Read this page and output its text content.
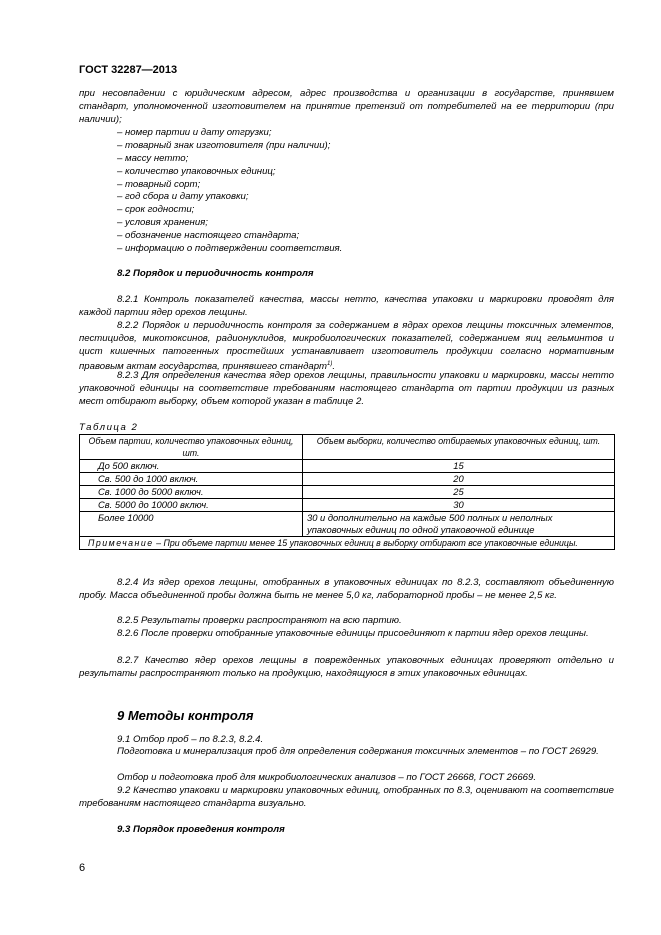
ГОСТ 32287—2013
при несовпадении с юридическим адресом, адрес производства и организации в государстве, принявшем стандарт, уполномоченной изготовителем на принятие претензий от потребителей на ее территории (при наличии);
– номер партии и дату отгрузки;
– товарный знак изготовителя (при наличии);
– массу нетто;
– количество упаковочных единиц;
– товарный сорт;
– год сбора и дату упаковки;
– срок годности;
– условия хранения;
– обозначение настоящего стандарта;
– информацию о подтверждении соответствия.
8.2 Порядок и периодичность контроля
8.2.1 Контроль показателей качества, массы нетто, качества упаковки и маркировки проводят для каждой партии ядер орехов лещины.
8.2.2 Порядок и периодичность контроля за содержанием в ядрах орехов лещины токсичных элементов, пестицидов, микотоксинов, радионуклидов, микробиологических показателей, содержанием яиц гельминтов и цист кишечных патогенных простейших устанавливает изготовитель продукции согласно нормативным правовым актам государства, принявшего стандарт$^{1)}$.
8.2.3 Для определения качества ядер орехов лещины, правильности упаковки и маркировки, массы нетто упаковочной единицы на соответствие требованиям настоящего стандарта от партии продукции из разных мест отбирают выборку, объем которой указан в таблице 2.
Таблица 2
Объем партии, количество упаковочных единиц, шт.	Объем выборки, количество отбираемых упаковочных единиц, шт.
До 500 включ.	15
Св. 500 до 1000 включ.	20
Св. 1000 до 5000 включ.	25
Св. 5000 до 10000 включ.	30
Более 10000	30 и дополнительно на каждые 500 полных и неполных упаковочных единиц по одной упаковочной единице
Примечание – При объеме партии менее 15 упаковочных единиц в выборку отбирают все упаковочные единицы.	
8.2.4 Из ядер орехов лещины, отобранных в упаковочных единицах по 8.2.3, составляют объединенную пробу. Масса объединенной пробы должна быть не менее 5,0 кг, лабораторной пробы – не менее 2,5 кг.
8.2.5 Результаты проверки распространяют на всю партию.
8.2.6 После проверки отобранные упаковочные единицы присоединяют к партии ядер орехов лещины.
8.2.7 Качество ядер орехов лещины в поврежденных упаковочных единицах проверяют отдельно и результаты распространяют только на продукцию, находящуюся в этих упаковочных единицах.
9 Методы контроля
9.1 Отбор проб – по 8.2.3, 8.2.4.
Подготовка и минерализация проб для определения содержания токсичных элементов – по ГОСТ 26929.
Отбор и подготовка проб для микробиологических анализов – по ГОСТ 26668, ГОСТ 26669.
9.2 Качество упаковки и маркировки упаковочных единиц, отобранных по 8.3, оценивают на соответствие требованиям настоящего стандарта визуально.
9.3 Порядок проведения контроля
6
